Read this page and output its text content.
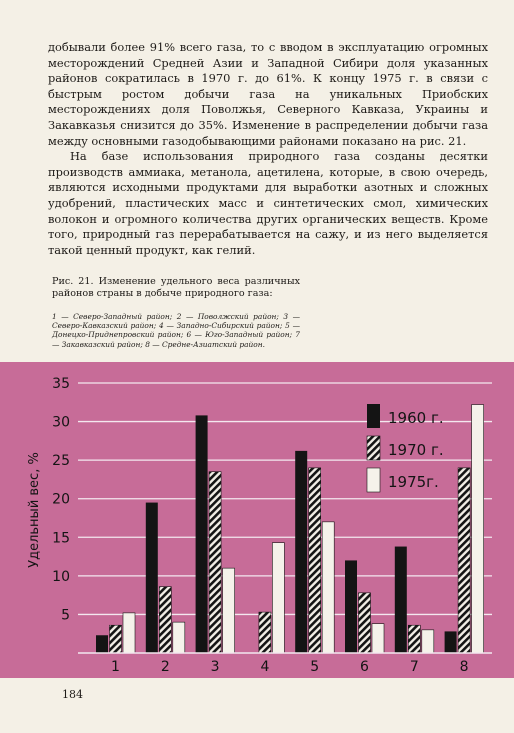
добывали более 91% всего газа, то с вводом в эксплуатацию огромных месторождений Средней Азии и Западной Сибири доля указанных районов сократилась в 1970 г. до 61%. К концу 1975 г. в связи с быстрым ростом добычи газа на уникальных Приобских месторождениях доля Поволжья, Северного Кавказа, Украины и Закавказья снизится до 35%. Изменение в распределении добычи газа между основными газодобывающими районами показано на рис. 21.

На базе использования природного газа созданы десятки производств аммиака, метанола, ацетилена, которые, в свою очередь, являются исходными продуктами для выработки азотных и сложных удобрений, пластических масс и синтетических смол, химических волокон и огромного количества других органических веществ. Кроме того, природный газ перерабатывается на сажу, и из него выделяется такой ценный продукт, как гелий.

Рис. 21. Изменение удельного веса различных районов страны в добыче природного газа:
1 — Северо-Западный район; 2 — Поволжский район; 3 — Северо-Кавказский район; 4 — Западно-Сибирский район; 5 — Донецко-Приднепровский район; 6 — Юго-Западный район; 7 — Закавказский район; 8 — Средне-Азиатский район.
5
10
15
20
25
30
35
1	2	3	4	5	6	7	8
1960 г.
1970 г.
1975г.
Удельный вес, %
184
